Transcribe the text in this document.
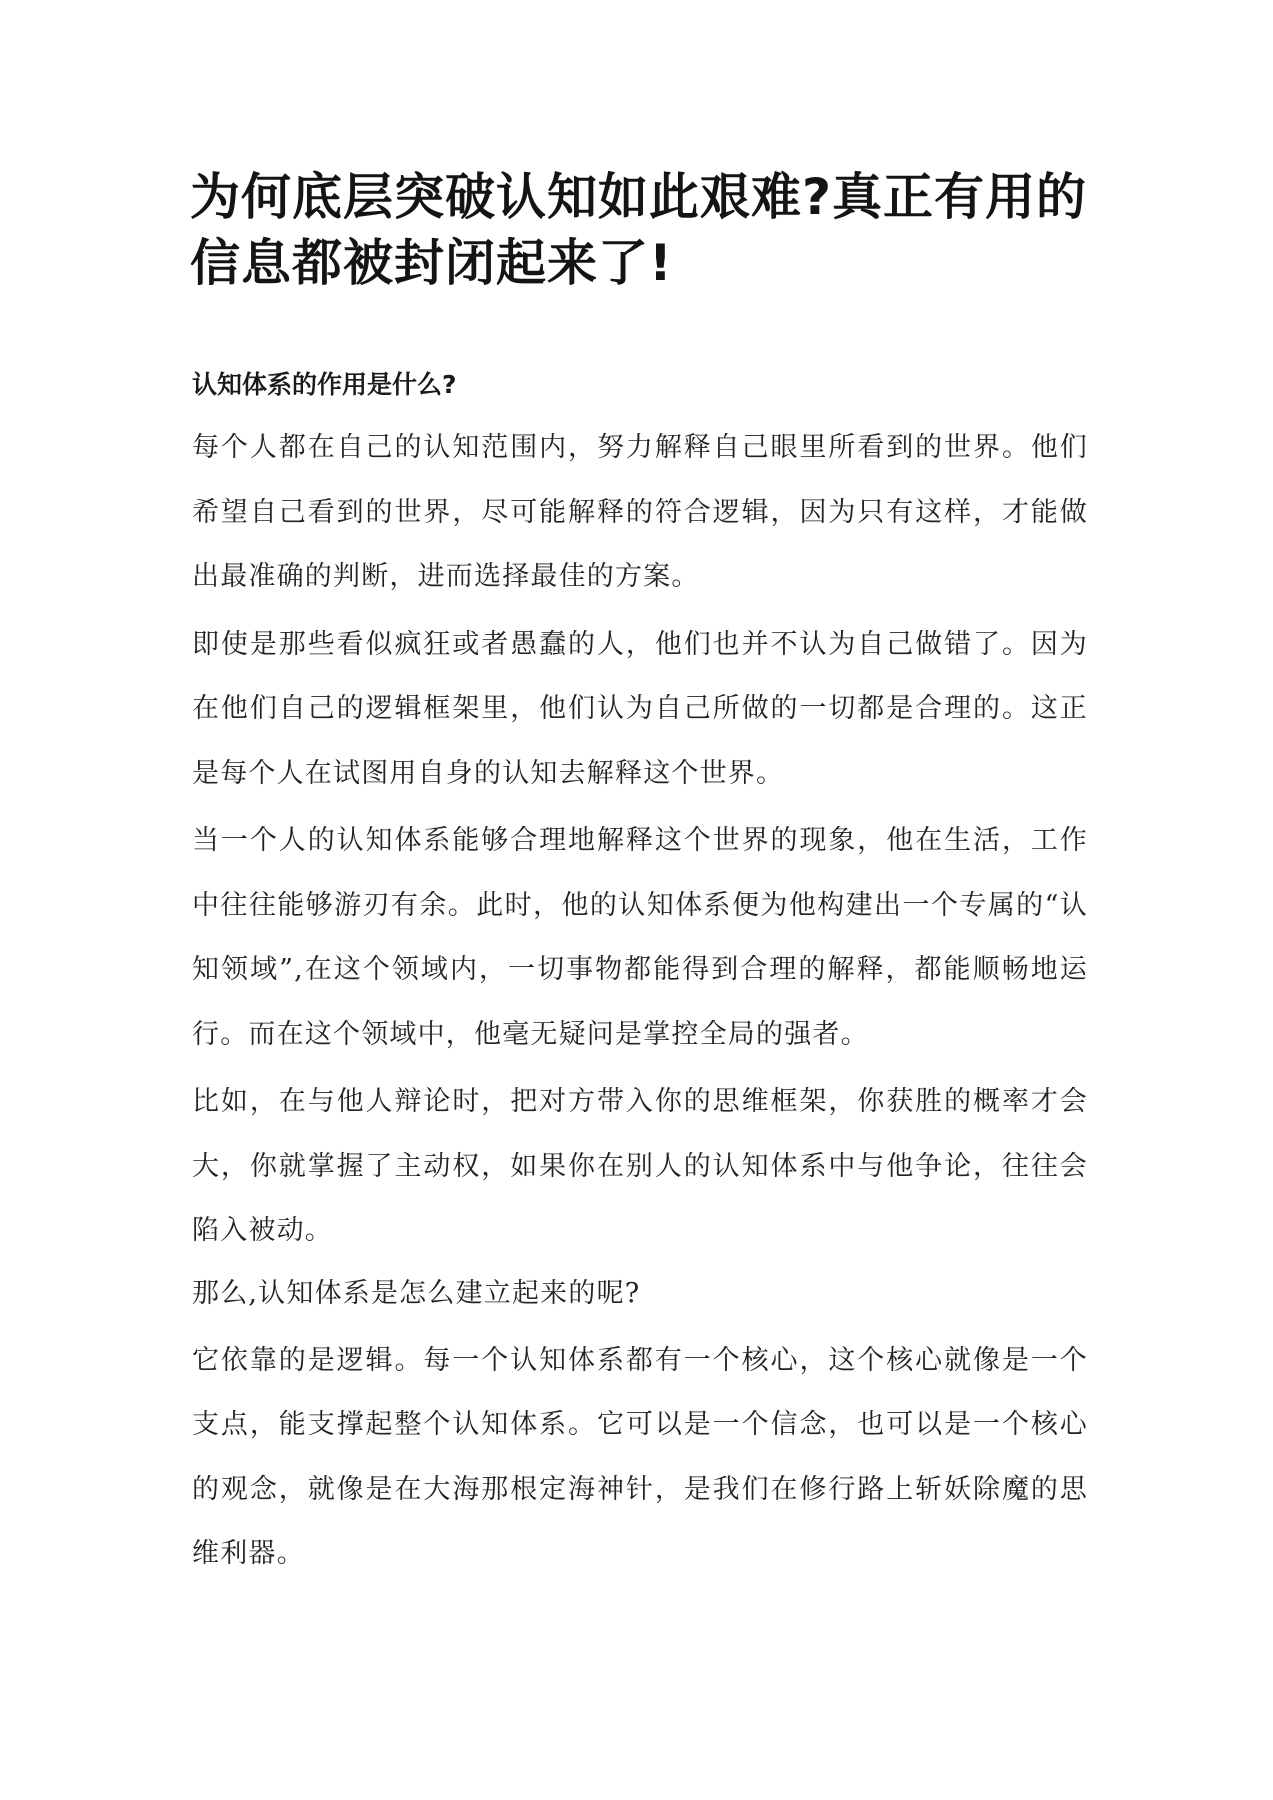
为何底层突破认知如此艰难?真正有用的信息都被封闭起来了!
认知体系的作用是什么?

每个人都在自己的认知范围内，努力解释自己眼里所看到的世界。他们希望自己看到的世界，尽可能解释的符合逻辑，因为只有这样，才能做出最准确的判断，进而选择最佳的方案。

即使是那些看似疯狂或者愚蠢的人，他们也并不认为自己做错了。因为在他们自己的逻辑框架里，他们认为自己所做的一切都是合理的。这正是每个人在试图用自身的认知去解释这个世界。

当一个人的认知体系能够合理地解释这个世界的现象，他在生活，工作中往往能够游刃有余。此时，他的认知体系便为他构建出一个专属的“认知领域”,在这个领域内，一切事物都能得到合理的解释，都能顺畅地运行。而在这个领域中，他毫无疑问是掌控全局的强者。

比如，在与他人辩论时，把对方带入你的思维框架，你获胜的概率才会大，你就掌握了主动权，如果你在别人的认知体系中与他争论，往往会陷入被动。

那么,认知体系是怎么建立起来的呢?

它依靠的是逻辑。每一个认知体系都有一个核心，这个核心就像是一个支点，能支撑起整个认知体系。它可以是一个信念，也可以是一个核心的观念，就像是在大海那根定海神针，是我们在修行路上斩妖除魔的思维利器。
